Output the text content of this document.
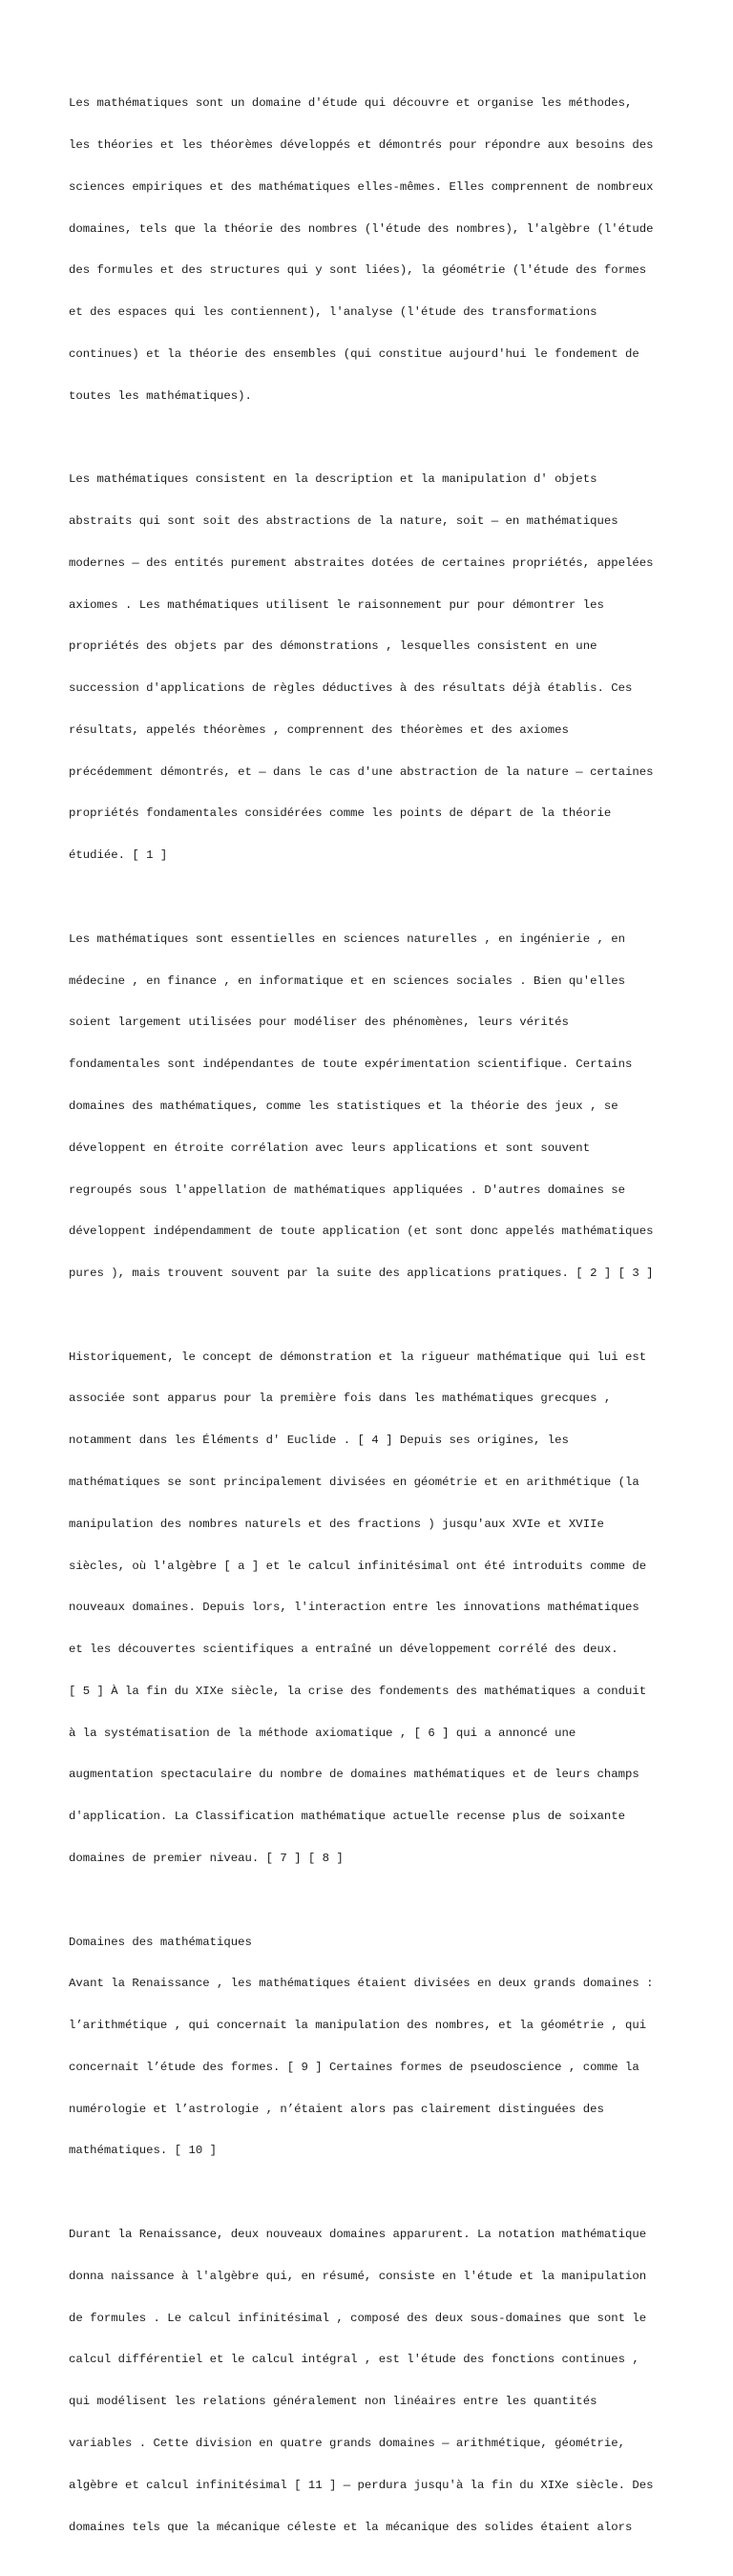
Les mathématiques sont un domaine d'étude qui découvre et organise les méthodes,

les théories et les théorèmes développés et démontrés pour répondre aux besoins des

sciences empiriques et des mathématiques elles-mêmes. Elles comprennent de nombreux

domaines, tels que la théorie des nombres (l'étude des nombres), l'algèbre (l'étude

des formules et des structures qui y sont liées), la géométrie (l'étude des formes

et des espaces qui les contiennent), l'analyse (l'étude des transformations

continues) et la théorie des ensembles (qui constitue aujourd'hui le fondement de

toutes les mathématiques).

Les mathématiques consistent en la description et la manipulation d' objets

abstraits qui sont soit des abstractions de la nature, soit — en mathématiques

modernes — des entités purement abstraites dotées de certaines propriétés, appelées

axiomes . Les mathématiques utilisent le raisonnement pur pour démontrer les

propriétés des objets par des démonstrations , lesquelles consistent en une

succession d'applications de règles déductives à des résultats déjà établis. Ces

résultats, appelés théorèmes , comprennent des théorèmes et des axiomes

précédemment démontrés, et — dans le cas d'une abstraction de la nature — certaines

propriétés fondamentales considérées comme les points de départ de la théorie

étudiée. [ 1 ]

Les mathématiques sont essentielles en sciences naturelles , en ingénierie , en

médecine , en finance , en informatique et en sciences sociales . Bien qu'elles

soient largement utilisées pour modéliser des phénomènes, leurs vérités

fondamentales sont indépendantes de toute expérimentation scientifique. Certains

domaines des mathématiques, comme les statistiques et la théorie des jeux , se

développent en étroite corrélation avec leurs applications et sont souvent

regroupés sous l'appellation de mathématiques appliquées . D'autres domaines se

développent indépendamment de toute application (et sont donc appelés mathématiques

pures ), mais trouvent souvent par la suite des applications pratiques. [ 2 ] [ 3 ]

Historiquement, le concept de démonstration et la rigueur mathématique qui lui est

associée sont apparus pour la première fois dans les mathématiques grecques ,

notamment dans les Éléments d' Euclide . [ 4 ] Depuis ses origines, les

mathématiques se sont principalement divisées en géométrie et en arithmétique (la

manipulation des nombres naturels et des fractions ) jusqu'aux XVIe et XVIIe

siècles, où l'algèbre [ a ] et le calcul infinitésimal ont été introduits comme de

nouveaux domaines. Depuis lors, l'interaction entre les innovations mathématiques

et les découvertes scientifiques a entraîné un développement corrélé des deux.

[ 5 ] À la fin du XIXe siècle, la crise des fondements des mathématiques a conduit

à la systématisation de la méthode axiomatique , [ 6 ] qui a annoncé une

augmentation spectaculaire du nombre de domaines mathématiques et de leurs champs

d'application. La Classification mathématique actuelle recense plus de soixante

domaines de premier niveau. [ 7 ] [ 8 ]

Domaines des mathématiques

Avant la Renaissance , les mathématiques étaient divisées en deux grands domaines :

l’arithmétique , qui concernait la manipulation des nombres, et la géométrie , qui

concernait l’étude des formes. [ 9 ] Certaines formes de pseudoscience , comme la

numérologie et l’astrologie , n’étaient alors pas clairement distinguées des

mathématiques. [ 10 ]

Durant la Renaissance, deux nouveaux domaines apparurent. La notation mathématique

donna naissance à l'algèbre qui, en résumé, consiste en l'étude et la manipulation

de formules . Le calcul infinitésimal , composé des deux sous-domaines que sont le

calcul différentiel et le calcul intégral , est l'étude des fonctions continues ,

qui modélisent les relations généralement non linéaires entre les quantités

variables . Cette division en quatre grands domaines — arithmétique, géométrie,

algèbre et calcul infinitésimal [ 11 ] — perdura jusqu'à la fin du XIXe siècle. Des

domaines tels que la mécanique céleste et la mécanique des solides étaient alors
